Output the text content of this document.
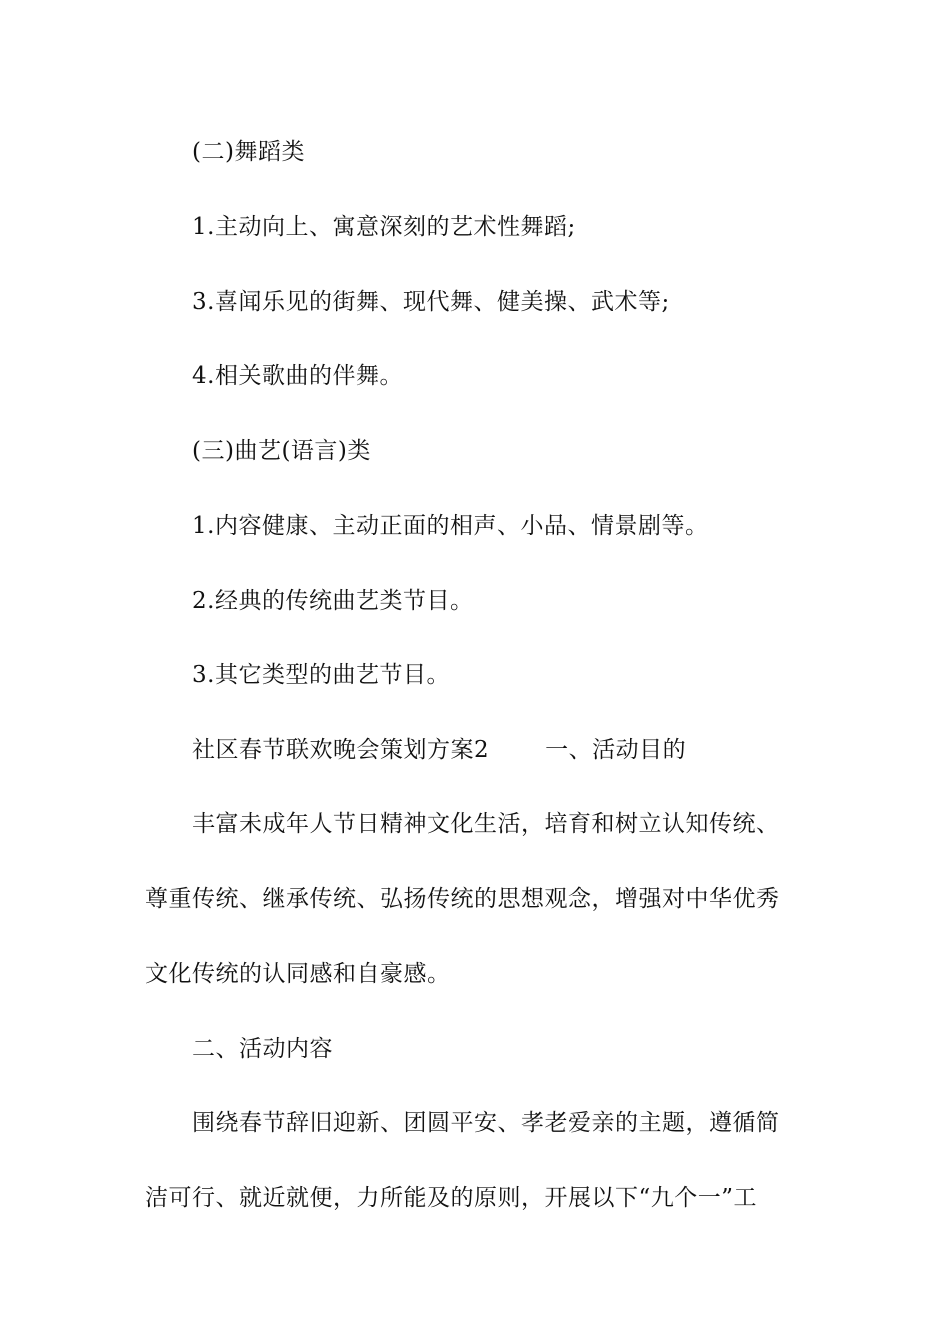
(二)舞蹈类
1.主动向上、寓意深刻的艺术性舞蹈;
3.喜闻乐见的街舞、现代舞、健美操、武术等;
4.相关歌曲的伴舞。
(三)曲艺(语言)类
1.内容健康、主动正面的相声、小品、情景剧等。
2.经典的传统曲艺类节目。
3.其它类型的曲艺节目。
社区春节联欢晚会策划方案2 一、活动目的
丰富未成年人节日精神文化生活，培育和树立认知传统、
尊重传统、继承传统、弘扬传统的思想观念，增强对中华优秀
文化传统的认同感和自豪感。
二、活动内容
围绕春节辞旧迎新、团圆平安、孝老爱亲的主题，遵循简
洁可行、就近就便，力所能及的原则，开展以下“九个一”工
